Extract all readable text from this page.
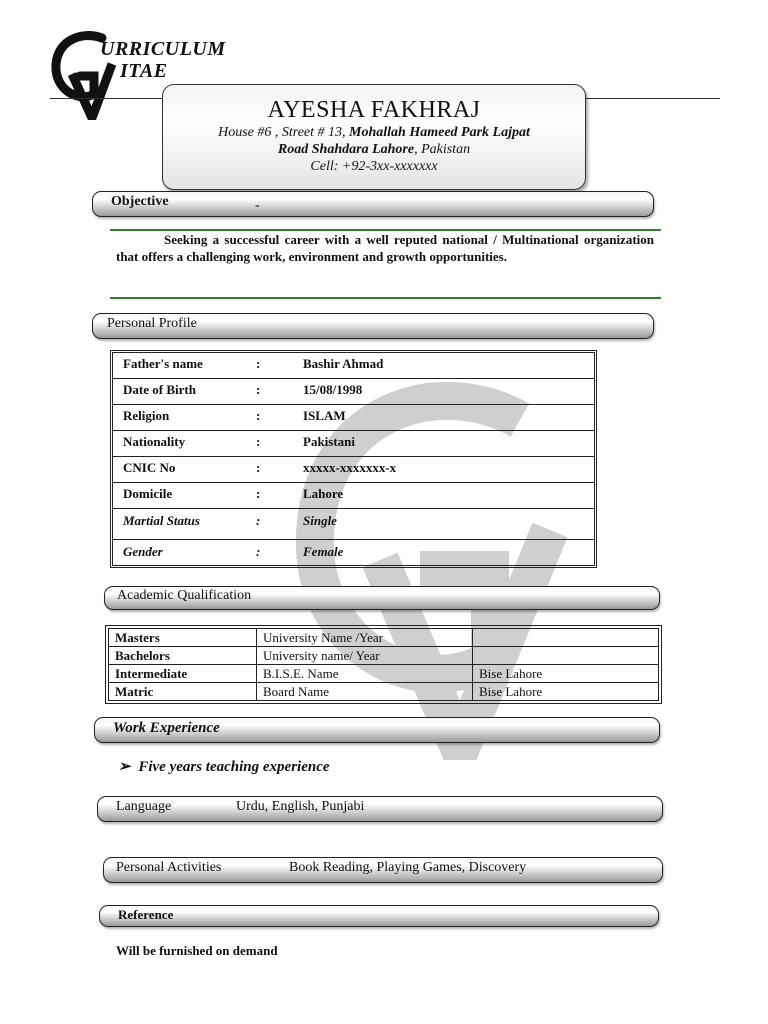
URRICULUM
ITAE
AYESHA FAKHRAJ
House #6 , Street # 13, Mohallah Hameed Park Lajpat
Road Shahdara Lahore, Pakistan
Cell: +92-3xx-xxxxxxx
Objective	-
Seeking a successful career with a well reputed national / Multinational organization that offers a challenging work, environment and growth opportunities.
Personal Profile
Father's name	:	Bashir Ahmad
Date of Birth	:	15/08/1998
Religion	:	ISLAM
Nationality	:	Pakistani
CNIC No	:	xxxxx-xxxxxxx-x
Domicile	:	Lahore
Martial Status	:	Single
Gender	:	Female
Academic Qualification
Masters	University Name /Year	
Bachelors	University name/ Year	
Intermediate	B.I.S.E. Name	Bise Lahore
Matric	Board Name	Bise Lahore
Work Experience
➢ Five years teaching experience
Language	Urdu, English, Punjabi
Personal Activities	Book Reading, Playing Games, Discovery
Reference
Will be furnished on demand
